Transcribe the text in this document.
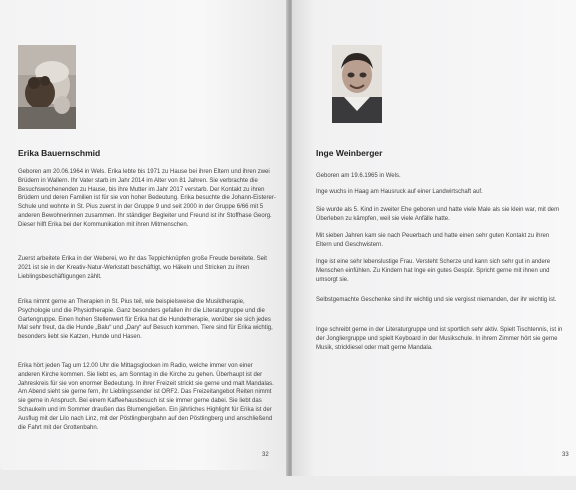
Erika Bauernschmid

Geboren am 20.06.1964 in Wels. Erika lebte bis 1971 zu Hause bei ihren Eltern und ihren zwei Brüdern in Wallern. Ihr Vater starb im Jahr 2014 im Alter von 81 Jahren. Sie verbrachte die Besuchswochenenden zu Hause, bis ihre Mutter im Jahr 2017 verstarb. Der Kontakt zu ihren Brüdern und deren Familien ist für sie von hoher Bedeutung. Erika besuchte die Johann-Eisterer-Schule und wohnte in St. Pius zuerst in der Gruppe 9 und seit 2000 in der Gruppe 6/66 mit 5 anderen Bewohnerinnen zusammen. Ihr ständiger Begleiter und Freund ist ihr Stoffhase Georg. Dieser hilft Erika bei der Kommunikation mit ihren Mitmenschen.

Zuerst arbeitete Erika in der Weberei, wo ihr das Teppichknüpfen große Freude bereitete. Seit 2021 ist sie in der Kreativ-Natur-Werkstatt beschäftigt, wo Häkeln und Stricken zu ihren Lieblingsbeschäftigungen zählt.

Erika nimmt gerne an Therapien in St. Pius teil, wie beispielsweise die Musiktherapie, Psychologie und die Physiotherapie. Ganz besonders gefallen ihr die Literaturgruppe und die Gartengruppe. Einen hohen Stellenwert für Erika hat die Hundetherapie, worüber sie sich jedes Mal sehr freut, da die Hunde „Balu“ und „Dary“ auf Besuch kommen. Tiere sind für Erika wichtig, besonders liebt sie Katzen, Hunde und Hasen.

Erika hört jeden Tag um 12.00 Uhr die Mittagsglocken im Radio, welche immer von einer anderen Kirche kommen. Sie liebt es, am Sonntag in die Kirche zu gehen. Überhaupt ist der Jahreskreis für sie von enormer Bedeutung. In ihrer Freizeit strickt sie gerne und malt Mandalas. Am Abend sieht sie gerne fern, ihr Lieblingssender ist ORF2. Das Freizeitangebot Reiten nimmt sie gerne in Anspruch. Bei einem Kaffeehausbesuch ist sie immer gerne dabei. Sie liebt das Schaukeln und im Sommer draußen das Blumengießen. Ein jährliches Highlight für Erika ist der Ausflug mit der Lilo nach Linz, mit der Pöstlingbergbahn auf den Pöstlingberg und anschließend die Fahrt mit der Grottenbahn.

32
Inge Weinberger

Geboren am 19.6.1965 in Wels.

Inge wuchs in Haag am Hausruck auf einer Landwirtschaft auf.

Sie wurde als 5. Kind in zweiter Ehe geboren und hatte viele Male als sie klein war, mit dem Überleben zu kämpfen, weil sie viele Anfälle hatte.

Mit sieben Jahren kam sie nach Peuerbach und hatte einen sehr guten Kontakt zu ihren Eltern und Geschwistern.

Inge ist eine sehr lebenslustige Frau. Versteht Scherze und kann sich sehr gut in andere Menschen einfühlen. Zu Kindern hat Inge ein gutes Gespür. Spricht gerne mit ihnen und umsorgt sie.

Selbstgemachte Geschenke sind ihr wichtig und sie vergisst niemanden, der ihr wichtig ist.

Inge schreibt gerne in der Literaturgruppe und ist sportlich sehr aktiv. Spielt Tischtennis, ist in der Jongliergruppe und spielt Keyboard in der Musikschule. In ihrem Zimmer hört sie gerne Musik, strickliesel oder malt gerne Mandala.

33
